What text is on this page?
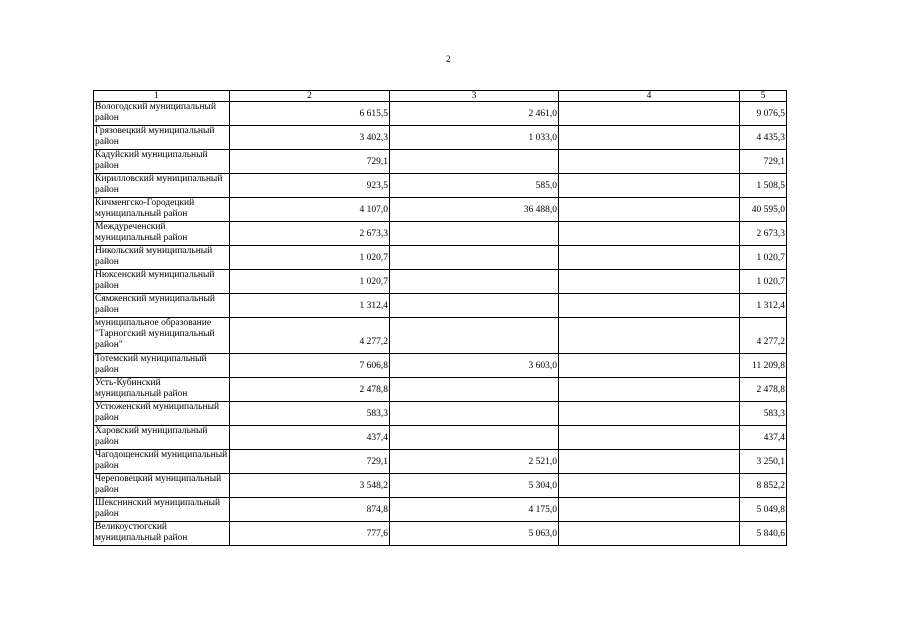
2
1	2	3	4	5
Вологодский муниципальный район	6 615,5	2 461,0		9 076,5
Грязовецкий муниципальный район	3 402,3	1 033,0		4 435,3
Кадуйский муниципальный район	729,1			729,1
Кирилловский муниципальный район	923,5	585,0		1 508,5
Кичменгско-Городецкий муниципальный район	4 107,0	36 488,0		40 595,0
Междуреченский муниципальный район	2 673,3			2 673,3
Никольский муниципальный район	1 020,7			1 020,7
Нюксенский муниципальный район	1 020,7			1 020,7
Сямженский муниципальный район	1 312,4			1 312,4
муниципальное образование "Тарногский муниципальный район"	4 277,2			4 277,2
Тотемский муниципальный район	7 606,8	3 603,0		11 209,8
Усть-Кубинский муниципальный район	2 478,8			2 478,8
Устюженский муниципальный район	583,3			583,3
Харовский муниципальный район	437,4			437,4
Чагодощенский муниципальный район	729,1	2 521,0		3 250,1
Череповецкий муниципальный район	3 548,2	5 304,0		8 852,2
Шекснинский муниципальный район	874,8	4 175,0		5 049,8
Великоустюгский муниципальный район	777,6	5 063,0		5 840,6
